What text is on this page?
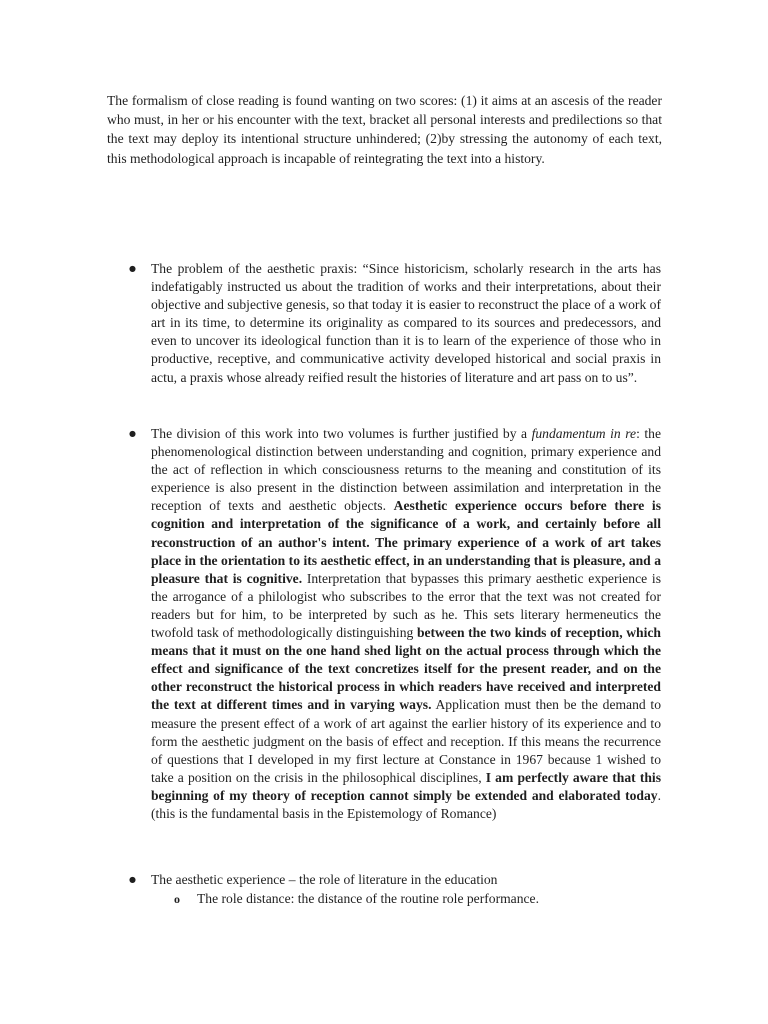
The formalism of close reading is found wanting on two scores: (1) it aims at an ascesis of the reader who must, in her or his encounter with the text, bracket all personal interests and predilections so that the text may deploy its intentional structure unhindered; (2)by stressing the autonomy of each text, this methodological approach is incapable of reintegrating the text into a history.

● The problem of the aesthetic praxis: “Since historicism, scholarly research in the arts has indefatigably instructed us about the tradition of works and their interpretations, about their objective and subjective genesis, so that today it is easier to reconstruct the place of a work of art in its time, to determine its originality as compared to its sources and predecessors, and even to uncover its ideological function than it is to learn of the experience of those who in productive, receptive, and communicative activity developed historical and social praxis in actu, a praxis whose already reified result the histories of literature and art pass on to us”.
● The division of this work into two volumes is further justified by a fundamentum in re: the phenomenological distinction between understanding and cognition, primary experience and the act of reflection in which consciousness returns to the meaning and constitution of its experience is also present in the distinction between assimilation and interpretation in the reception of texts and aesthetic objects. Aesthetic experience occurs before there is cognition and interpretation of the significance of a work, and certainly before all reconstruction of an author's intent. The primary experience of a work of art takes place in the orientation to its aesthetic effect, in an understanding that is pleasure, and a pleasure that is cognitive. Interpretation that bypasses this primary aesthetic experience is the arrogance of a philologist who subscribes to the error that the text was not created for readers but for him, to be interpreted by such as he. This sets literary hermeneutics the twofold task of methodologically distinguishing between the two kinds of reception, which means that it must on the one hand shed light on the actual process through which the effect and significance of the text concretizes itself for the present reader, and on the other reconstruct the historical process in which readers have received and interpreted the text at different times and in varying ways. Application must then be the demand to measure the present effect of a work of art against the earlier history of its experience and to form the aesthetic judgment on the basis of effect and reception. If this means the recurrence of questions that I developed in my first lecture at Constance in 1967 because 1 wished to take a position on the crisis in the philosophical disciplines, I am perfectly aware that this beginning of my theory of reception cannot simply be extended and elaborated today. (this is the fundamental basis in the Epistemology of Romance)
● The aesthetic experience – the role of literature in the education

o The role distance: the distance of the routine role performance.
